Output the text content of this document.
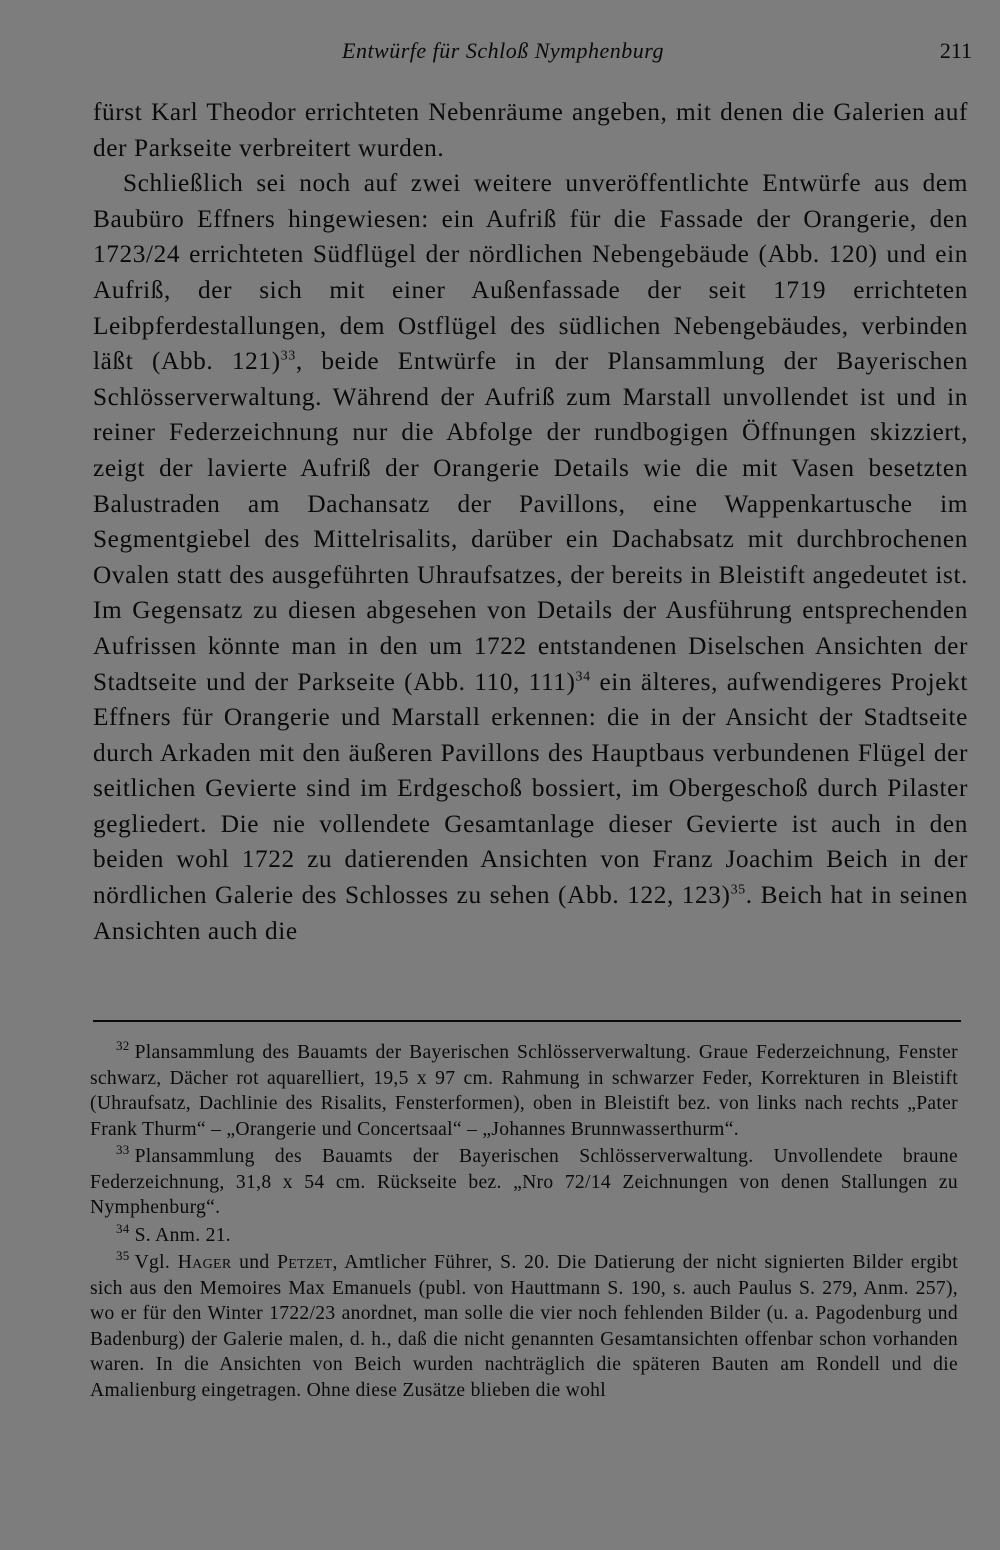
Entwürfe für Schloß Nymphenburg	211

fürst Karl Theodor errichteten Nebenräume angeben, mit denen die Galerien auf der Parkseite verbreitert wurden.

Schließlich sei noch auf zwei weitere unveröffentlichte Entwürfe aus dem Baubüro Effners hingewiesen: ein Aufriß für die Fassade der Orangerie, den 1723/24 errichteten Südflügel der nördlichen Nebengebäude (Abb. 120) und ein Aufriß, der sich mit einer Außenfassade der seit 1719 errichteten Leibpferdestallungen, dem Ostflügel des südlichen Nebengebäudes, verbinden läßt (Abb. 121)$^{33}$, beide Entwürfe in der Plansammlung der Bayerischen Schlösserverwaltung. Während der Aufriß zum Marstall unvollendet ist und in reiner Federzeichnung nur die Abfolge der rundbogigen Öffnungen skizziert, zeigt der lavierte Aufriß der Orangerie Details wie die mit Vasen besetzten Balustraden am Dachansatz der Pavillons, eine Wappenkartusche im Segmentgiebel des Mittelrisalits, darüber ein Dachabsatz mit durchbrochenen Ovalen statt des ausgeführten Uhraufsatzes, der bereits in Bleistift angedeutet ist. Im Gegensatz zu diesen abgesehen von Details der Ausführung entsprechenden Aufrissen könnte man in den um 1722 entstandenen Diselschen Ansichten der Stadtseite und der Parkseite (Abb. 110, 111)$^{34}$ ein älteres, aufwendigeres Projekt Effners für Orangerie und Marstall erkennen: die in der Ansicht der Stadtseite durch Arkaden mit den äußeren Pavillons des Hauptbaus verbundenen Flügel der seitlichen Gevierte sind im Erdgeschoß bossiert, im Obergeschoß durch Pilaster gegliedert. Die nie vollendete Gesamtanlage dieser Gevierte ist auch in den beiden wohl 1722 zu datierenden Ansichten von Franz Joachim Beich in der nördlichen Galerie des Schlosses zu sehen (Abb. 122, 123)$^{35}$. Beich hat in seinen Ansichten auch die

$^{32}$ Plansammlung des Bauamts der Bayerischen Schlösserverwaltung. Graue Federzeichnung, Fenster schwarz, Dächer rot aquarelliert, 19,5 x 97 cm. Rahmung in schwarzer Feder, Korrekturen in Bleistift (Uhraufsatz, Dachlinie des Risalits, Fensterformen), oben in Bleistift bez. von links nach rechts „Pater Frank Thurm“ – „Orangerie und Concertsaal“ – „Johannes Brunnwasserthurm“.

$^{33}$ Plansammlung des Bauamts der Bayerischen Schlösserverwaltung. Unvollendete braune Federzeichnung, 31,8 x 54 cm. Rückseite bez. „Nro 72/14 Zeichnungen von denen Stallungen zu Nymphenburg“.

$^{34}$ S. Anm. 21.

$^{35}$ Vgl. Hager und Petzet, Amtlicher Führer, S. 20. Die Datierung der nicht signierten Bilder ergibt sich aus den Memoires Max Emanuels (publ. von Hauttmann S. 190, s. auch Paulus S. 279, Anm. 257), wo er für den Winter 1722/23 anordnet, man solle die vier noch fehlenden Bilder (u. a. Pagodenburg und Badenburg) der Galerie malen, d. h., daß die nicht genannten Gesamtansichten offenbar schon vorhanden waren. In die Ansichten von Beich wurden nachträglich die späteren Bauten am Rondell und die Amalienburg eingetragen. Ohne diese Zusätze blieben die wohl
